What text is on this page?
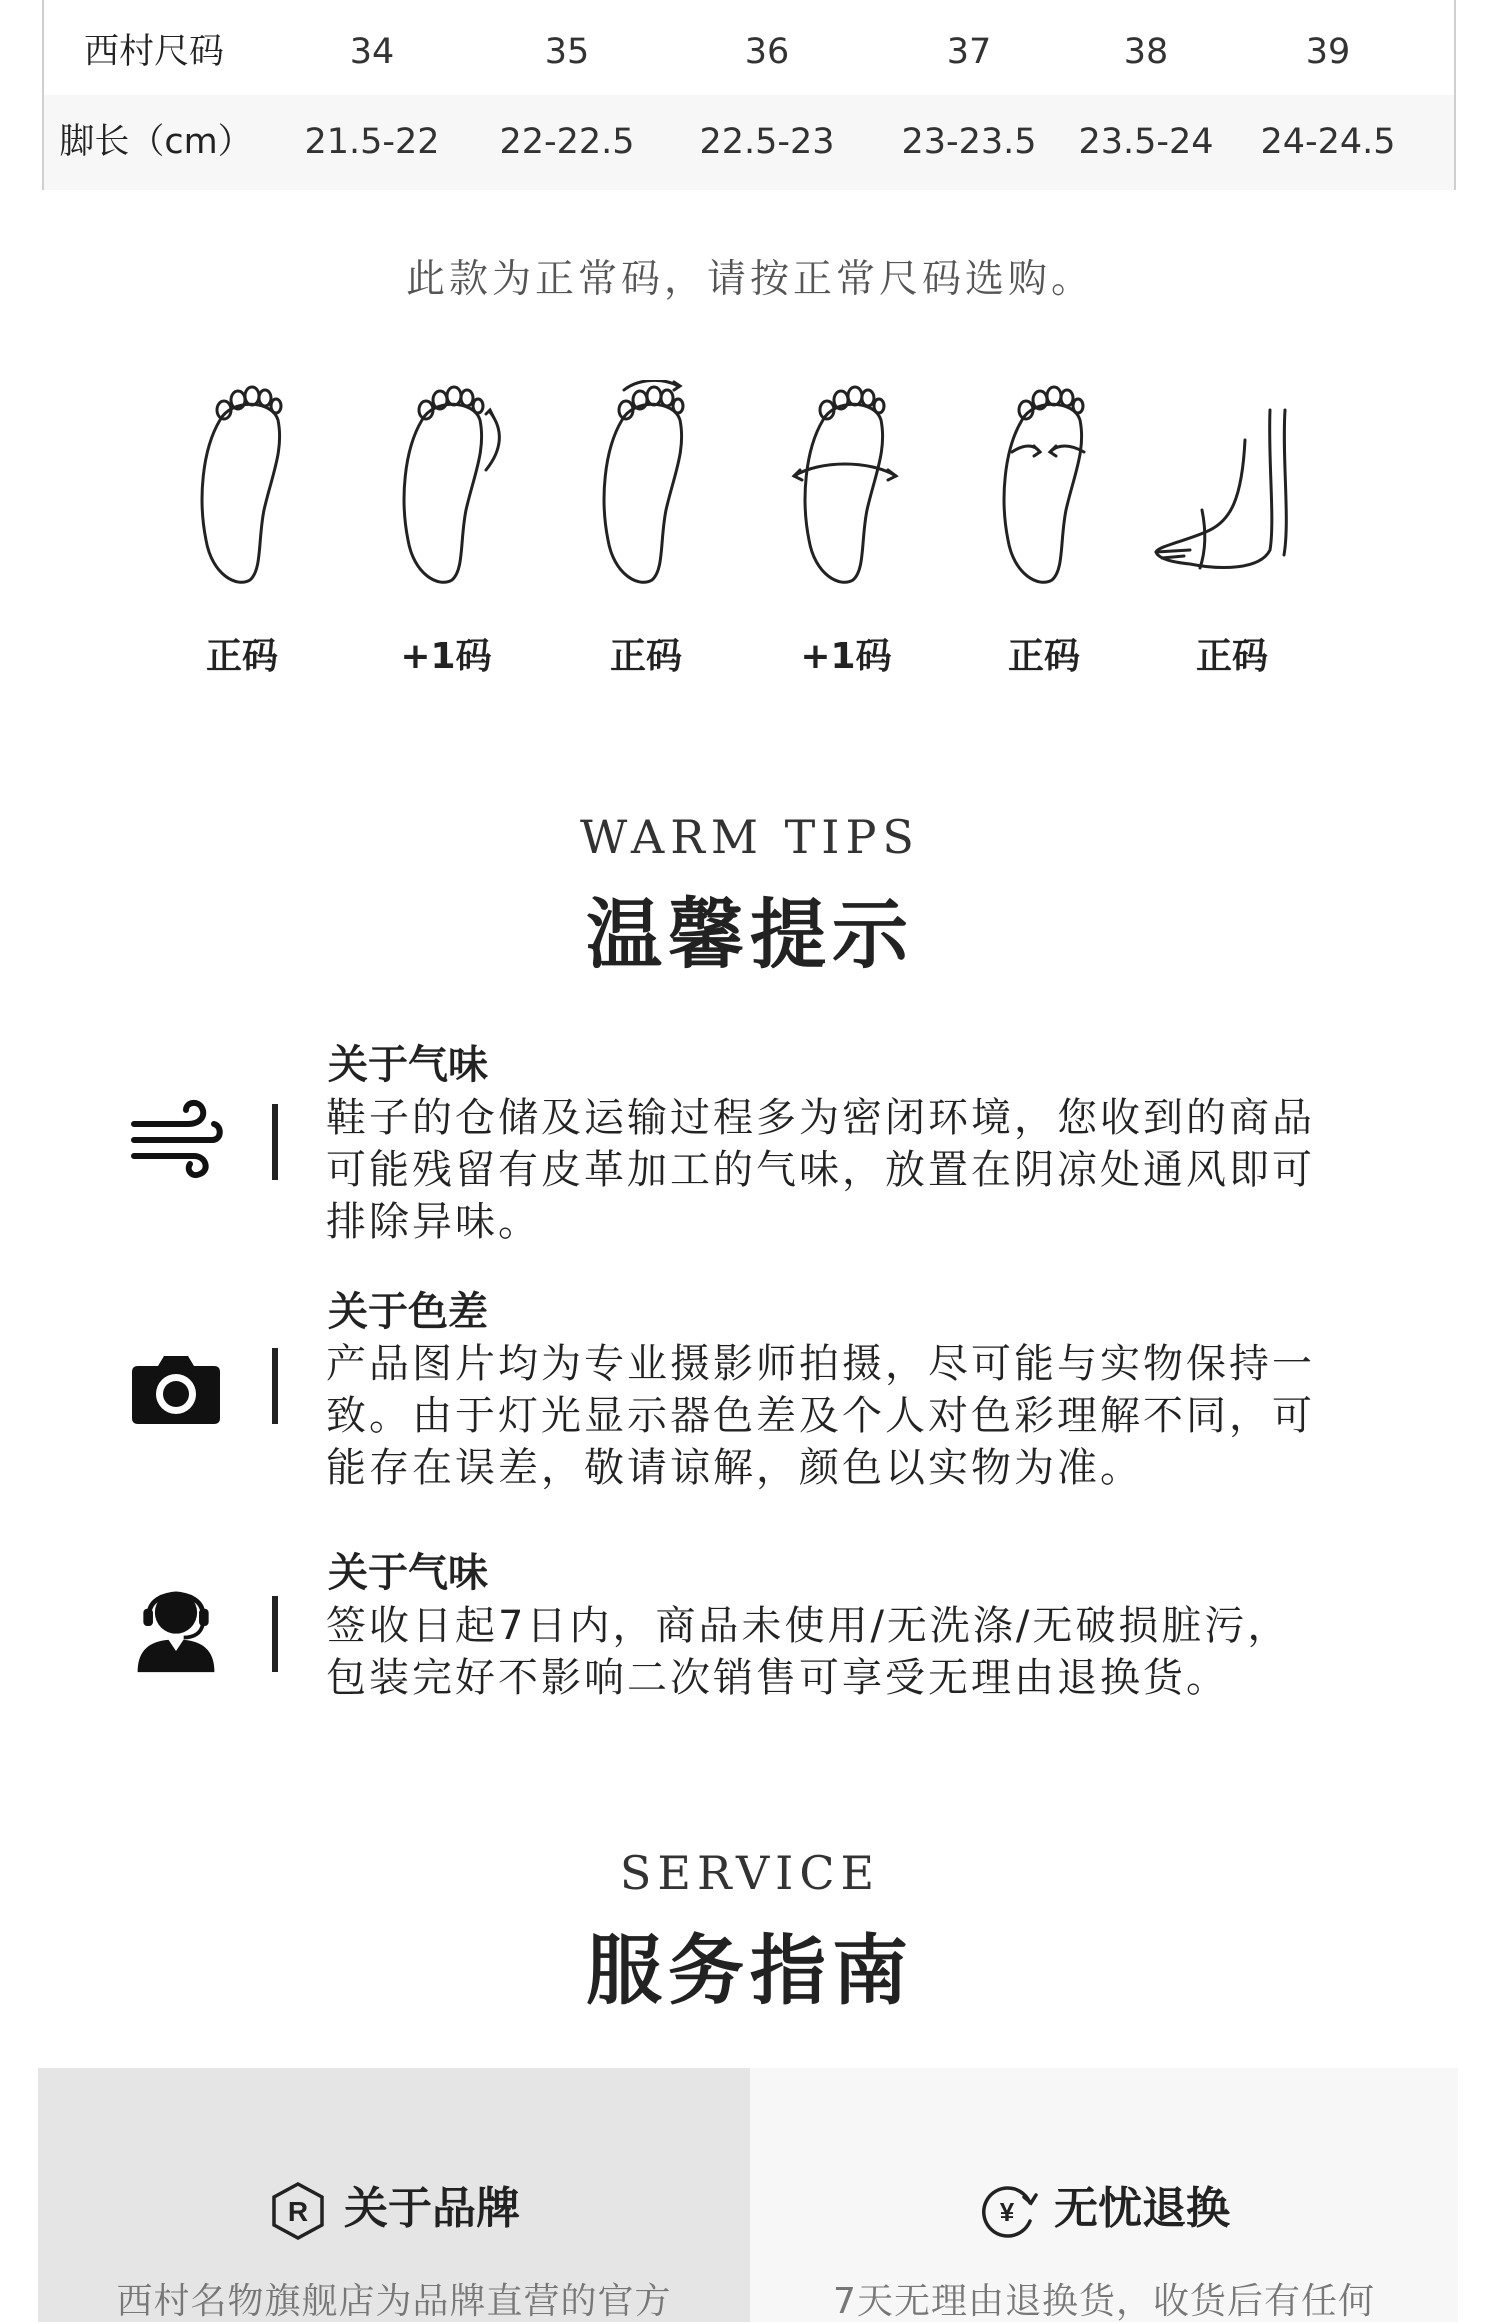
西村尺码	34	35	36	37	38	39
脚长（cm） 21.5-22 22-22.5 22.5-23 23-23.5 23.5-24 24-24.5
此款为正常码，请按正常尺码选购。
正码	+1码	正码	+1码	正码	正码
WARM TIPS
温馨提示
关于气味
鞋子的仓储及运输过程多为密闭环境，您收到的商品
可能残留有皮革加工的气味，放置在阴凉处通风即可
排除异味。
关于色差
产品图片均为专业摄影师拍摄，尽可能与实物保持一
致。由于灯光显示器色差及个人对色彩理解不同，可
能存在误差，敬请谅解，颜色以实物为准。
关于气味
签收日起7日内，商品未使用/无洗涤/无破损脏污，
包装完好不影响二次销售可享受无理由退换货。
SERVICE
服务指南
R 关于品牌
西村名物旗舰店为品牌直营的官方
¥ 无忧退换
7天无理由退换货，收货后有任何
